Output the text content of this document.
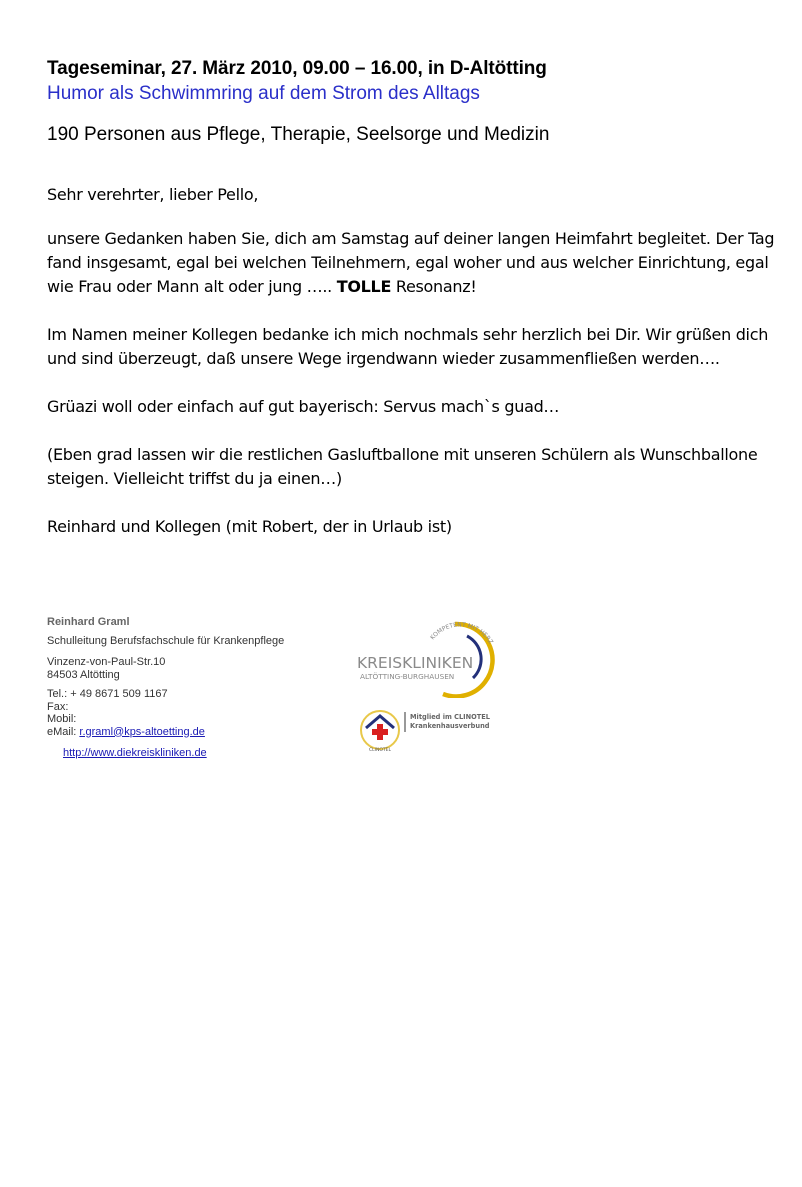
Tageseminar, 27. März 2010, 09.00 – 16.00, in D-Altötting
Humor als Schwimmring auf dem Strom des Alltags
190 Personen aus Pflege, Therapie, Seelsorge und Medizin

Sehr verehrter, lieber Pello,

unsere Gedanken haben Sie, dich am Samstag auf deiner langen Heimfahrt begleitet. Der Tag fand insgesamt, egal bei welchen Teilnehmern, egal woher und aus welcher Einrichtung, egal wie Frau oder Mann alt oder jung ….. TOLLE Resonanz!

Im Namen meiner Kollegen bedanke ich mich nochmals sehr herzlich bei Dir. Wir grüßen dich und sind überzeugt, daß unsere Wege irgendwann wieder zusammenfließen werden….

Grüazi woll oder einfach auf gut bayerisch: Servus mach`s guad…

(Eben grad lassen wir die restlichen Gasluftballone mit unseren Schülern als Wunschballone steigen. Vielleicht triffst du ja einen…)

Reinhard und Kollegen (mit Robert, der in Urlaub ist)

Reinhard Graml
Schulleitung Berufsfachschule für Krankenpflege
Vinzenz-von-Paul-Str.10
84503 Altötting
Tel.: + 49 8671 509 1167
Fax:
Mobil:
eMail: r.graml@kps-altoetting.de
http://www.diekreiskliniken.de
KOMPETENT MIT HERZ
KREISKLINIKEN
ALTÖTTING-BURGHAUSEN
CLINOTEL
Mitglied im CLINOTEL
Krankenhausverbund
